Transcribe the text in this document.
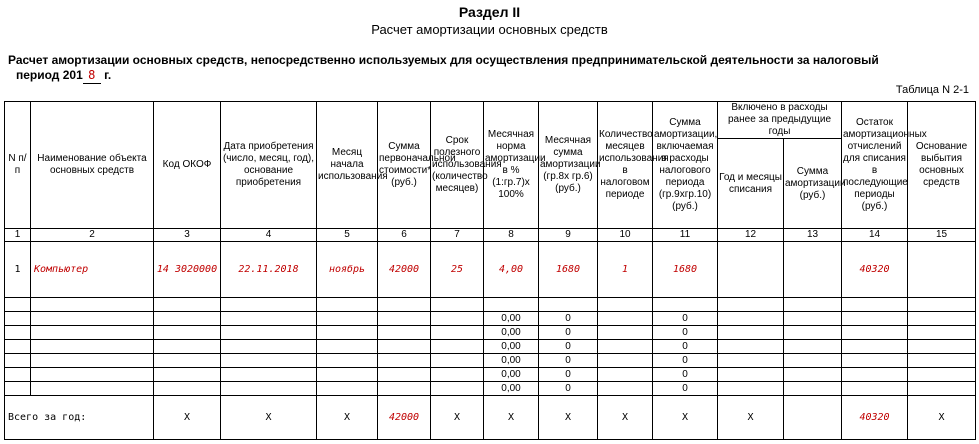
Раздел II
Расчет амортизации основных средств
Расчет амортизации основных средств, непосредственно используемых для осуществления предпринимательской деятельности за налоговый
период 201 8 г.
Таблица N 2-1
N п/п	Наименование объекта основных средств	Код ОКОФ	Дата приобретения (число, месяц, год), основание приобретения	Месяц начала использования	Сумма первоначальной стоимости* (руб.)	Срок полезного использования (количество месяцев)	Месячная норма амортизации в % (1:гр.7)x 100%	Месячная сумма амортизации (гр.8x гр.6) (руб.)	Количество месяцев использования в налоговом периоде	Сумма амортизации, включаемая в расходы налогового периода (гр.9xгр.10) (руб.)	Включено в расходы ранее за предыдущие годы		Остаток амортизационных отчислений для списания в последующие периоды (руб.)	Основание выбытия основных средств
											Год и месяцы списания	Сумма амортизации (руб.)		
1	2	3	4	5	6	7	8	9	10	11	12	13	14	15
1	Компьютер	14 3020000	22.11.2018	ноябрь	42000	25	4,00	1680	1	1680			40320	

							0,00	0		0				
							0,00	0		0				
							0,00	0		0				
							0,00	0		0				
							0,00	0		0				
							0,00	0		0				
Всего за год:		X	X	X	42000	X	X	X	X	X	X		40320	X
